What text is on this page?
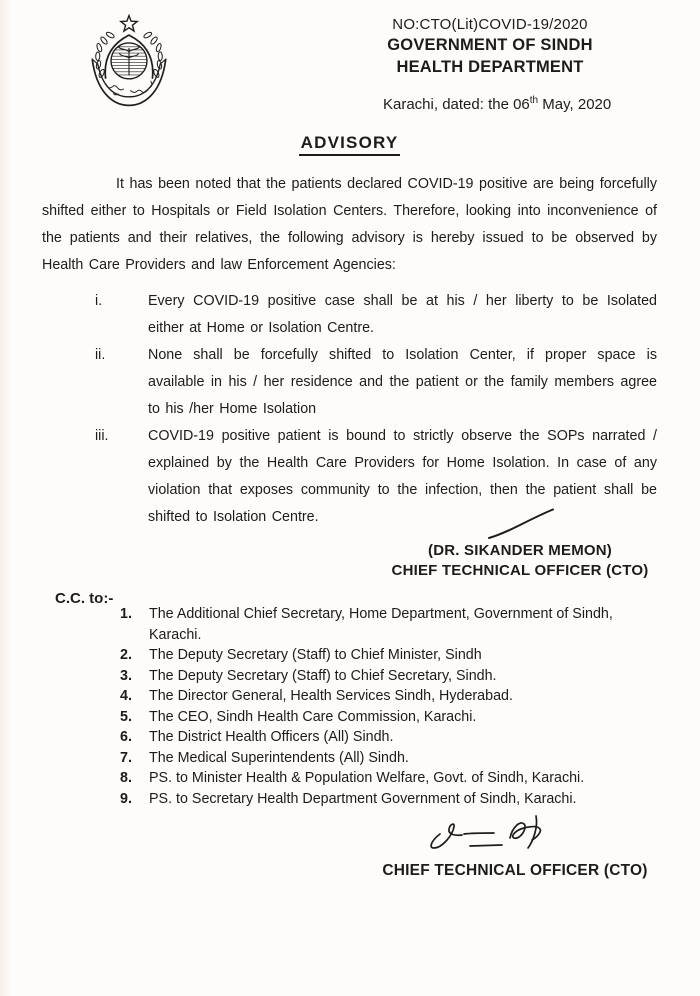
NO:CTO(Lit)COVID-19/2020
GOVERNMENT OF SINDH
HEALTH DEPARTMENT
Karachi, dated: the 06th May, 2020
ADVISORY
It has been noted that the patients declared COVID-19 positive are being forcefully shifted either to Hospitals or Field Isolation Centers. Therefore, looking into inconvenience of the patients and their relatives, the following advisory is hereby issued to be observed by Health Care Providers and law Enforcement Agencies:
i.	Every COVID-19 positive case shall be at his / her liberty to be Isolated either at Home or Isolation Centre.
ii.	None shall be forcefully shifted to Isolation Center, if proper space is available in his / her residence and the patient or the family members agree to his /her Home Isolation
iii.	COVID-19 positive patient is bound to strictly observe the SOPs narrated / explained by the Health Care Providers for Home Isolation. In case of any violation that exposes community to the infection, then the patient shall be shifted to Isolation Centre.
(DR. SIKANDER MEMON)
CHIEF TECHNICAL OFFICER (CTO)
C.C. to:-
1.	The Additional Chief Secretary, Home Department, Government of Sindh, Karachi.
2.	The Deputy Secretary (Staff) to Chief Minister, Sindh
3.	The Deputy Secretary (Staff) to Chief Secretary, Sindh.
4.	The Director General, Health Services Sindh, Hyderabad.
5.	The CEO, Sindh Health Care Commission, Karachi.
6.	The District Health Officers (All) Sindh.
7.	The Medical Superintendents (All) Sindh.
8.	PS. to Minister Health & Population Welfare, Govt. of Sindh, Karachi.
9.	PS. to Secretary Health Department Government of Sindh, Karachi.
CHIEF TECHNICAL OFFICER (CTO)
